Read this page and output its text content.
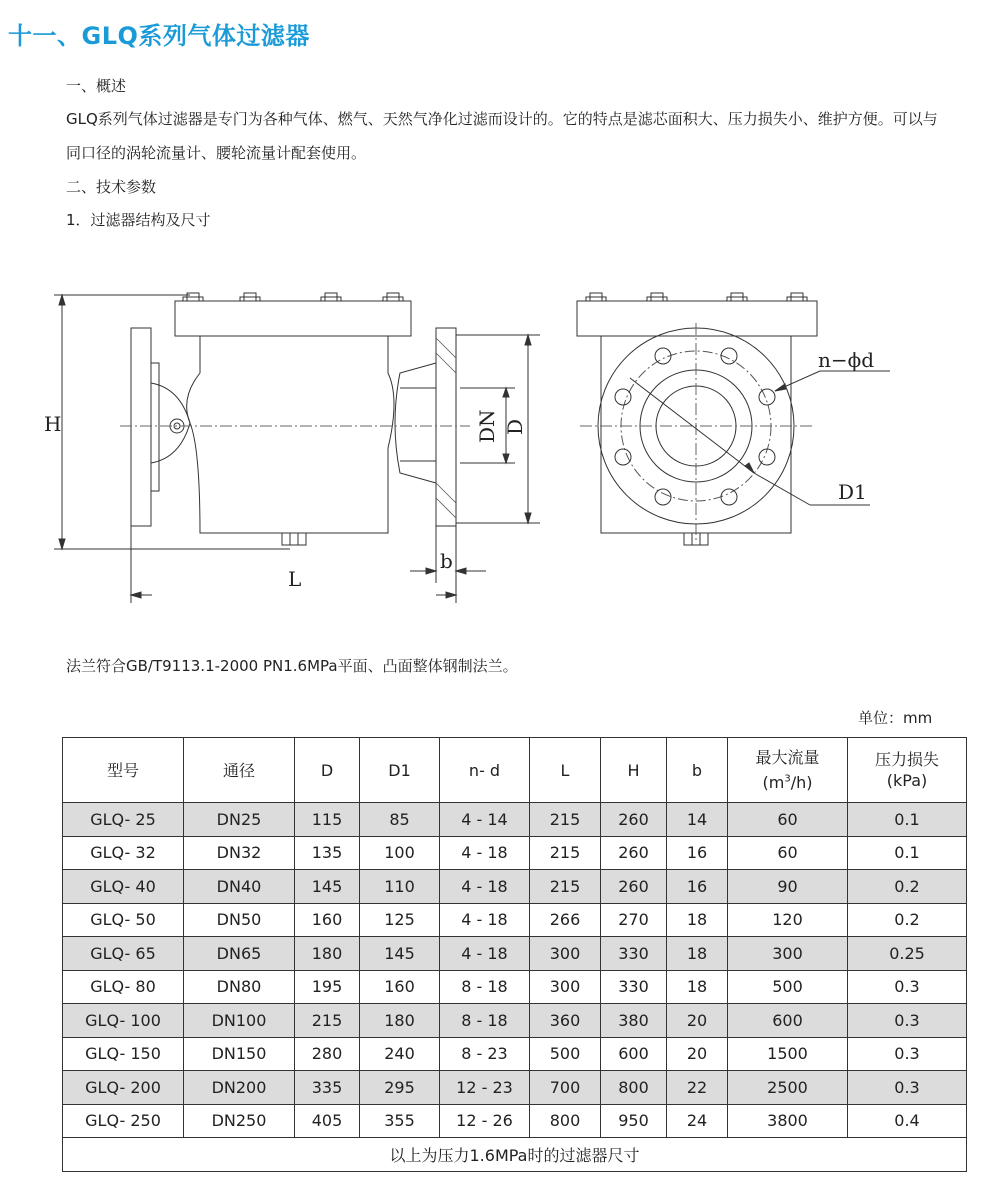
十一、GLQ系列气体过滤器

一、概述

GLQ系列气体过滤器是专门为各种气体、燃气、天然气净化过滤而设计的。它的特点是滤芯面积大、压力损失小、维护方便。可以与

同口径的涡轮流量计、腰轮流量计配套使用。

二、技术参数

1．过滤器结构及尺寸

H
L
b
DN D
n−ϕd
D1

法兰符合GB/T9113.1-2000 PN1.6MPa平面、凸面整体钢制法兰。

单位：mm

型号	通径	D	D1	n- d	L	H	b	最大流量
$(m^3/h)$	压力损失
(kPa)
GLQ- 25	DN25	115	85	4 - 14	215	260	14	60	0.1
GLQ- 32	DN32	135	100	4 - 18	215	260	16	60	0.1
GLQ- 40	DN40	145	110	4 - 18	215	260	16	90	0.2
GLQ- 50	DN50	160	125	4 - 18	266	270	18	120	0.2
GLQ- 65	DN65	180	145	4 - 18	300	330	18	300	0.25
GLQ- 80	DN80	195	160	8 - 18	300	330	18	500	0.3
GLQ- 100	DN100	215	180	8 - 18	360	380	20	600	0.3
GLQ- 150	DN150	280	240	8 - 23	500	600	20	1500	0.3
GLQ- 200	DN200	335	295	12 - 23	700	800	22	2500	0.3
GLQ- 250	DN250	405	355	12 - 26	800	950	24	3800	0.4
以上为压力1.6MPa时的过滤器尺寸									
